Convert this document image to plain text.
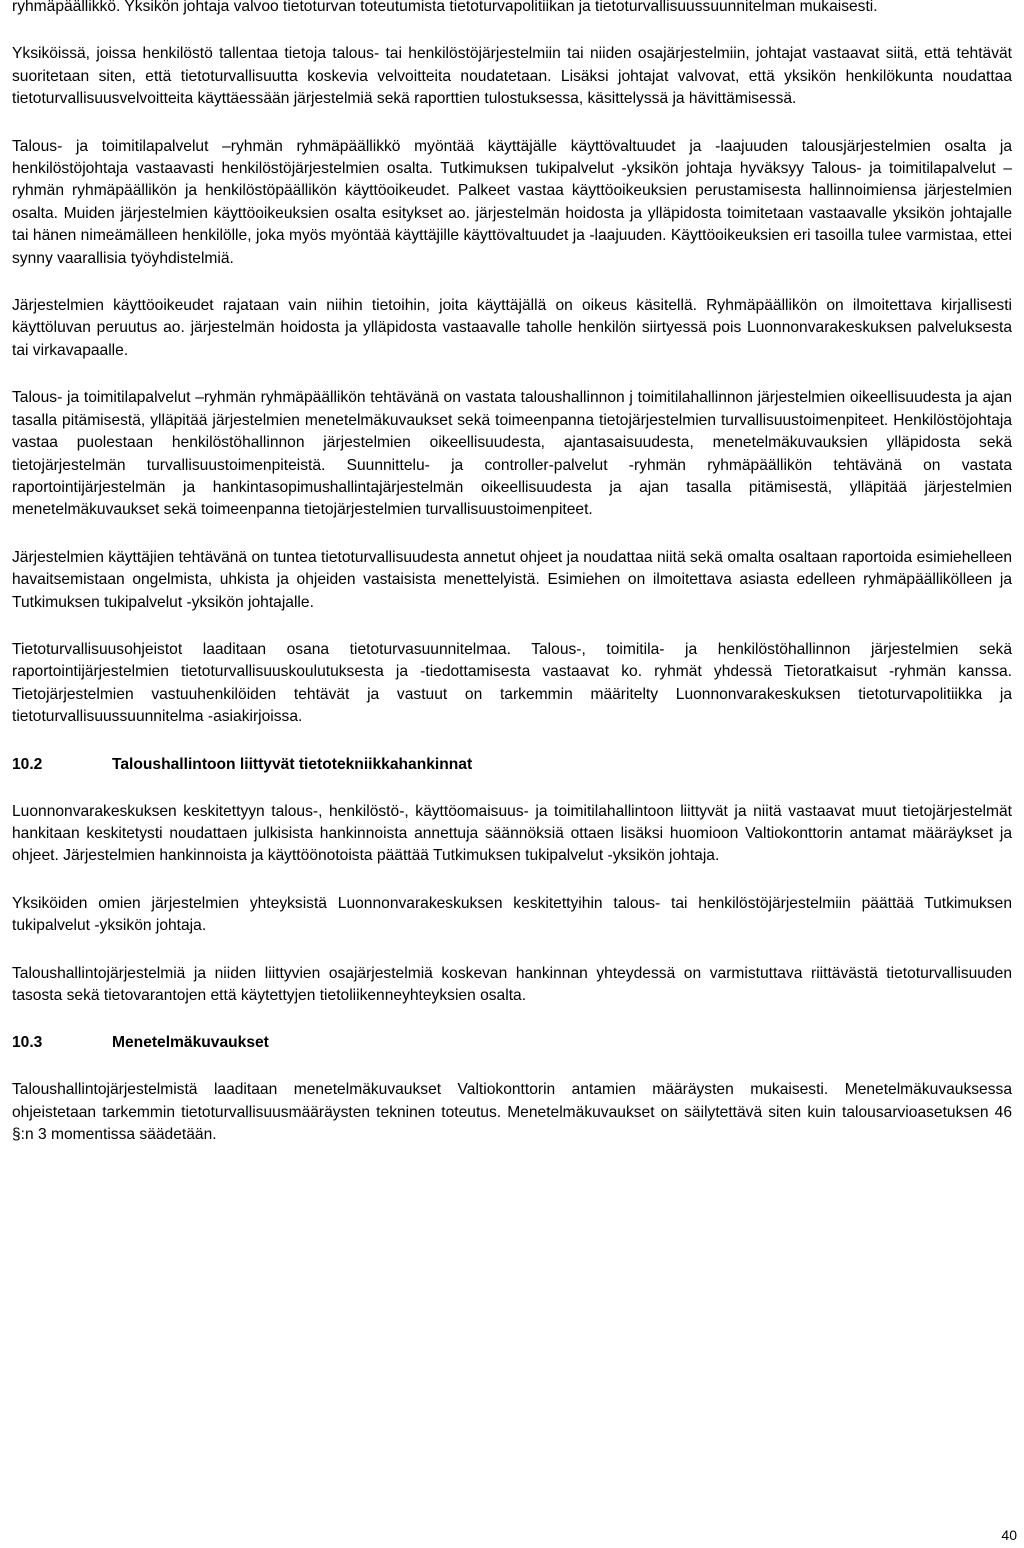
ryhmäpäällikkö. Yksikön johtaja valvoo tietoturvan toteutumista tietoturvapolitiikan ja tietoturvallisuussuunnitelman mukaisesti.

Yksiköissä, joissa henkilöstö tallentaa tietoja talous- tai henkilöstöjärjestelmiin tai niiden osajärjestelmiin, johtajat vastaavat siitä, että tehtävät suoritetaan siten, että tietoturvallisuutta koskevia velvoitteita noudatetaan. Lisäksi johtajat valvovat, että yksikön henkilökunta noudattaa tietoturvallisuusvelvoitteita käyttäessään järjestelmiä sekä raporttien tulostuksessa, käsittelyssä ja hävittämisessä.

Talous- ja toimitilapalvelut –ryhmän ryhmäpäällikkö myöntää käyttäjälle käyttövaltuudet ja -laajuuden talousjärjestelmien osalta ja henkilöstöjohtaja vastaavasti henkilöstöjärjestelmien osalta. Tutkimuksen tukipalvelut -yksikön johtaja hyväksyy Talous- ja toimitilapalvelut –ryhmän ryhmäpäällikön ja henkilöstöpäällikön käyttöoikeudet. Palkeet vastaa käyttöoikeuksien perustamisesta hallinnoimiensa järjestelmien osalta. Muiden järjestelmien käyttöoikeuksien osalta esitykset ao. järjestelmän hoidosta ja ylläpidosta toimitetaan vastaavalle yksikön johtajalle tai hänen nimeämälleen henkilölle, joka myös myöntää käyttäjille käyttövaltuudet ja -laajuuden. Käyttöoikeuksien eri tasoilla tulee varmistaa, ettei synny vaarallisia työyhdistelmiä.

Järjestelmien käyttöoikeudet rajataan vain niihin tietoihin, joita käyttäjällä on oikeus käsitellä. Ryhmäpäällikön on ilmoitettava kirjallisesti käyttöluvan peruutus ao. järjestelmän hoidosta ja ylläpidosta vastaavalle taholle henkilön siirtyessä pois Luonnonvarakeskuksen palveluksesta tai virkavapaalle.

Talous- ja toimitilapalvelut –ryhmän ryhmäpäällikön tehtävänä on vastata taloushallinnon j toimitilahallinnon järjestelmien oikeellisuudesta ja ajan tasalla pitämisestä, ylläpitää järjestelmien menetelmäkuvaukset sekä toimeenpanna tietojärjestelmien turvallisuustoimenpiteet. Henkilöstöjohtaja vastaa puolestaan henkilöstöhallinnon järjestelmien oikeellisuudesta, ajantasaisuudesta, menetelmäkuvauksien ylläpidosta sekä tietojärjestelmän turvallisuustoimenpiteistä. Suunnittelu- ja controller-palvelut -ryhmän ryhmäpäällikön tehtävänä on vastata raportointijärjestelmän ja hankintasopimushallintajärjestelmän oikeellisuudesta ja ajan tasalla pitämisestä, ylläpitää järjestelmien menetelmäkuvaukset sekä toimeenpanna tietojärjestelmien turvallisuustoimenpiteet.

Järjestelmien käyttäjien tehtävänä on tuntea tietoturvallisuudesta annetut ohjeet ja noudattaa niitä sekä omalta osaltaan raportoida esimiehelleen havaitsemistaan ongelmista, uhkista ja ohjeiden vastaisista menettelyistä. Esimiehen on ilmoitettava asiasta edelleen ryhmäpäällikölleen ja Tutkimuksen tukipalvelut -yksikön johtajalle.

Tietoturvallisuusohjeistot laaditaan osana tietoturvasuunnitelmaa. Talous-, toimitila- ja henkilöstöhallinnon järjestelmien sekä raportointijärjestelmien tietoturvallisuuskoulutuksesta ja -tiedottamisesta vastaavat ko. ryhmät yhdessä Tietoratkaisut -ryhmän kanssa. Tietojärjestelmien vastuuhenkilöiden tehtävät ja vastuut on tarkemmin määritelty Luonnonvarakeskuksen tietoturvapolitiikka ja tietoturvallisuussuunnitelma -asiakirjoissa.

10.2	Taloushallintoon liittyvät tietotekniikkahankinnat

Luonnonvarakeskuksen keskitettyyn talous-, henkilöstö-, käyttöomaisuus- ja toimitilahallintoon liittyvät ja niitä vastaavat muut tietojärjestelmät hankitaan keskitetysti noudattaen julkisista hankinnoista annettuja säännöksiä ottaen lisäksi huomioon Valtiokonttorin antamat määräykset ja ohjeet. Järjestelmien hankinnoista ja käyttöönotoista päättää Tutkimuksen tukipalvelut -yksikön johtaja.

Yksiköiden omien järjestelmien yhteyksistä Luonnonvarakeskuksen keskitettyihin talous- tai henkilöstöjärjestelmiin päättää Tutkimuksen tukipalvelut -yksikön johtaja.

Taloushallintojärjestelmiä ja niiden liittyvien osajärjestelmiä koskevan hankinnan yhteydessä on varmistuttava riittävästä tietoturvallisuuden tasosta sekä tietovarantojen että käytettyjen tietoliikenneyhteyksien osalta.

10.3	Menetelmäkuvaukset

Taloushallintojärjestelmistä laaditaan menetelmäkuvaukset Valtiokonttorin antamien määräysten mukaisesti. Menetelmäkuvauksessa ohjeistetaan tarkemmin tietoturvallisuusmääräysten tekninen toteutus. Menetelmäkuvaukset on säilytettävä siten kuin talousarvioasetuksen 46 §:n 3 momentissa säädetään.

40
